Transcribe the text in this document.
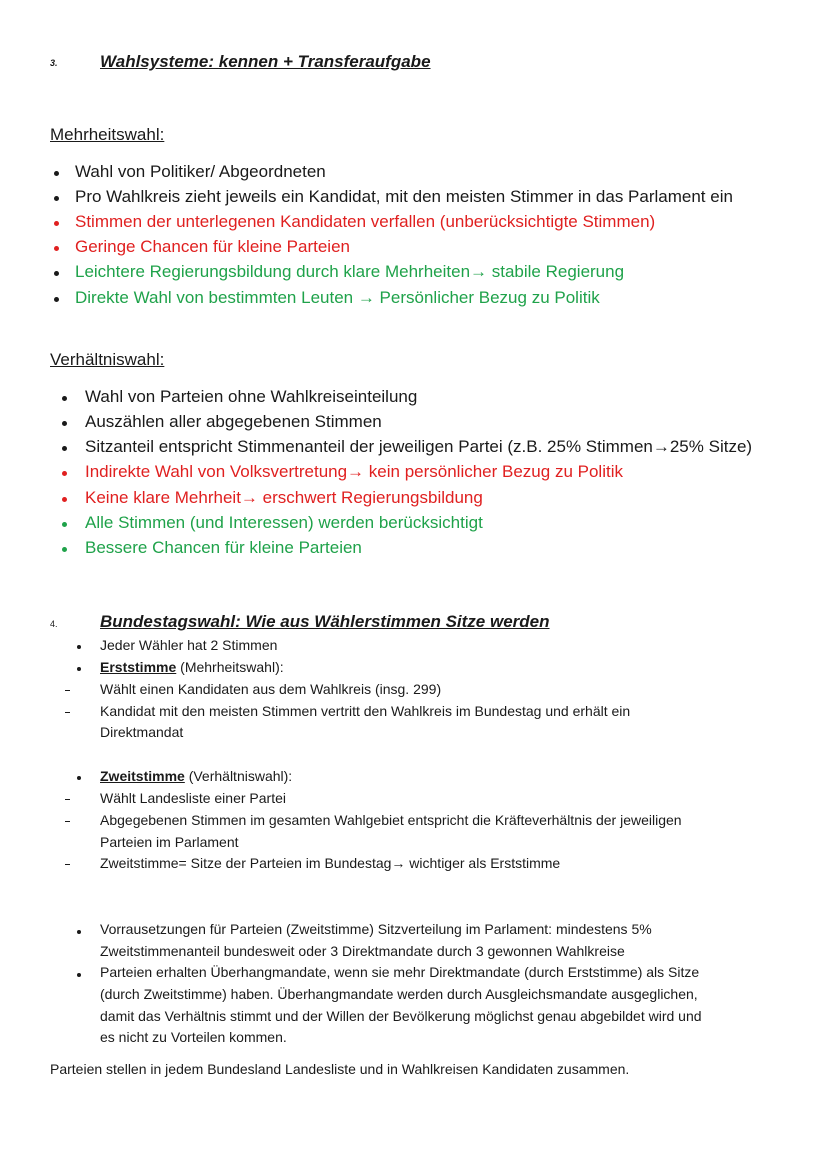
3. Wahlsysteme: kennen + Transferaufgabe
Mehrheitswahl:
Wahl von Politiker/ Abgeordneten
Pro Wahlkreis zieht jeweils ein Kandidat, mit den meisten Stimmer in das Parlament ein
Stimmen der unterlegenen Kandidaten verfallen (unberücksichtigte Stimmen)
Geringe Chancen für kleine Parteien
Leichtere Regierungsbildung durch klare Mehrheiten→ stabile Regierung
Direkte Wahl von bestimmten Leuten → Persönlicher Bezug zu Politik
Verhältniswahl:
Wahl von Parteien ohne Wahlkreiseinteilung
Auszählen aller abgegebenen Stimmen
Sitzanteil entspricht Stimmenanteil der jeweiligen Partei (z.B. 25% Stimmen→25% Sitze)
Indirekte Wahl von Volksvertretung→ kein persönlicher Bezug zu Politik
Keine klare Mehrheit→ erschwert Regierungsbildung
Alle Stimmen (und Interessen) werden berücksichtigt
Bessere Chancen für kleine Parteien
4. Bundestagswahl: Wie aus Wählerstimmen Sitze werden
Jeder Wähler hat 2 Stimmen
Erststimme (Mehrheitswahl):
Wählt einen Kandidaten aus dem Wahlkreis (insg. 299)
Kandidat mit den meisten Stimmen vertritt den Wahlkreis im Bundestag und erhält ein
Direktmandat
Zweitstimme (Verhältniswahl):
Wählt Landesliste einer Partei
Abgegebenen Stimmen im gesamten Wahlgebiet entspricht die Kräfteverhältnis der jeweiligen
Parteien im Parlament
Zweitstimme= Sitze der Parteien im Bundestag→ wichtiger als Erststimme
Vorrausetzungen für Parteien (Zweitstimme) Sitzverteilung im Parlament: mindestens 5%
Zweitstimmenanteil bundesweit oder 3 Direktmandate durch 3 gewonnen Wahlkreise
Parteien erhalten Überhangmandate, wenn sie mehr Direktmandate (durch Erststimme) als Sitze
(durch Zweitstimme) haben. Überhangmandate werden durch Ausgleichsmandate ausgeglichen,
damit das Verhältnis stimmt und der Willen der Bevölkerung möglichst genau abgebildet wird und
es nicht zu Vorteilen kommen.
Parteien stellen in jedem Bundesland Landesliste und in Wahlkreisen Kandidaten zusammen.
